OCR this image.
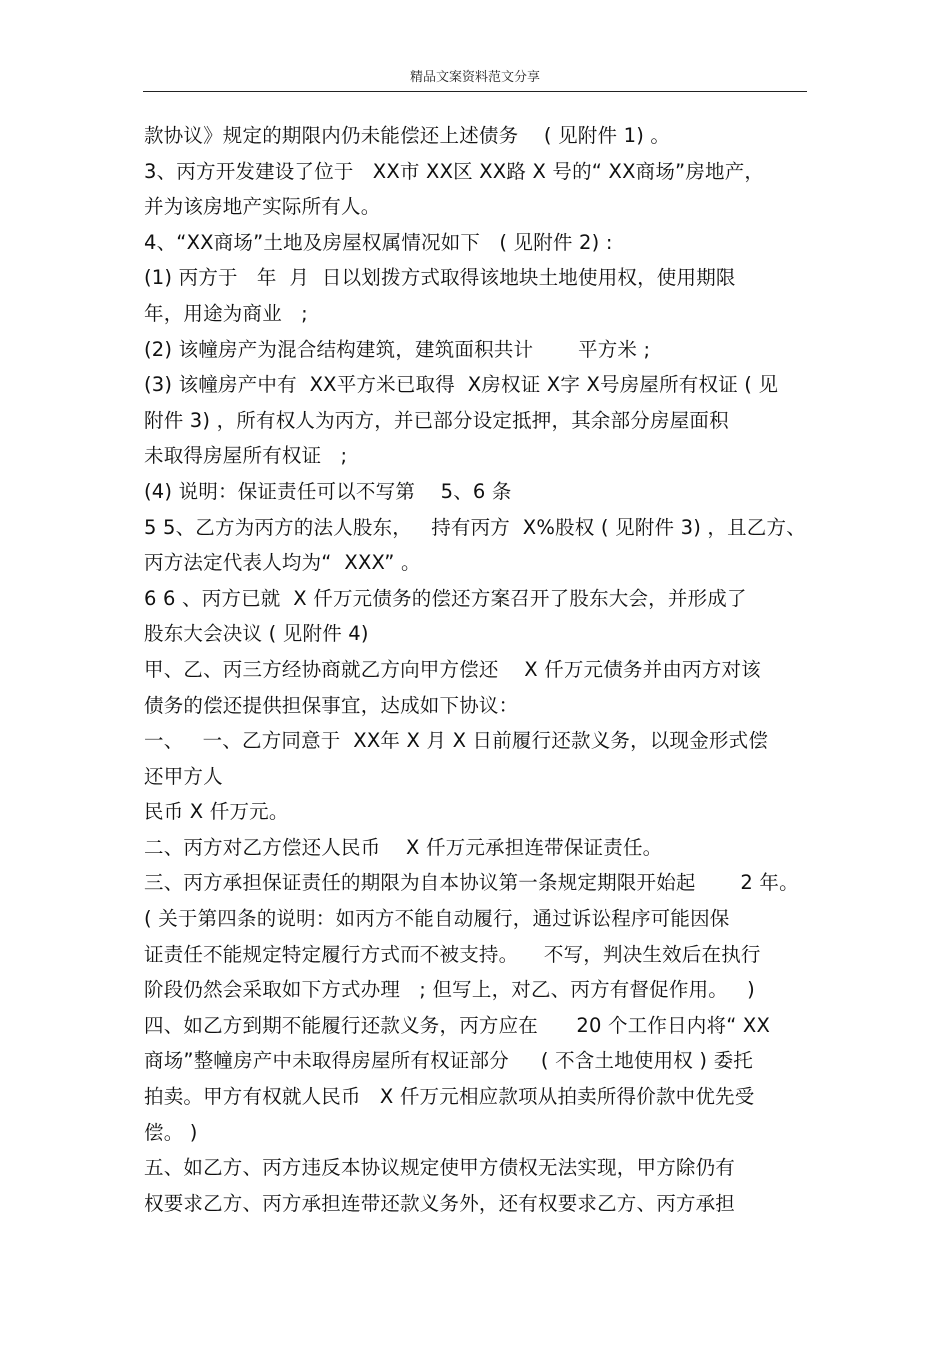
精品文案资料范文分享
款协议》规定的期限内仍未能偿还上述债务    ( 见附件 1) 。
3、丙方开发建设了位于   XX市 XX区 XX路 X 号的“ XX商场”房地产，
并为该房地产实际所有人。
4、“XX商场”土地及房屋权属情况如下   ( 见附件 2) :
(1) 丙方于   年  月  日以划拨方式取得该地块土地使用权，使用期限
年，用途为商业   ;
(2) 该幢房产为混合结构建筑，建筑面积共计       平方米 ;
(3) 该幢房产中有  XX平方米已取得  X房权证 X字 X号房屋所有权证 ( 见
附件 3) ，所有权人为丙方，并已部分设定抵押，其余部分房屋面积
未取得房屋所有权证   ;
(4) 说明：保证责任可以不写第    5、6 条
5 5、乙方为丙方的法人股东，   持有丙方  X%股权 ( 见附件 3) ，且乙方、
丙方法定代表人均为“  XXX” 。
6 6 、丙方已就  X 仟万元债务的偿还方案召开了股东大会，并形成了
股东大会决议 ( 见附件 4)
甲、乙、丙三方经协商就乙方向甲方偿还    X 仟万元债务并由丙方对该
债务的偿还提供担保事宜，达成如下协议：
一、   一、乙方同意于  XX年 X 月 X 日前履行还款义务，以现金形式偿
还甲方人
民币 X 仟万元。
二、丙方对乙方偿还人民币    X 仟万元承担连带保证责任。
三、丙方承担保证责任的期限为自本协议第一条规定期限开始起       2 年。
( 关于第四条的说明：如丙方不能自动履行，通过诉讼程序可能因保
证责任不能规定特定履行方式而不被支持。    不写，判决生效后在执行
阶段仍然会采取如下方式办理   ; 但写上，对乙、丙方有督促作用。   )
四、如乙方到期不能履行还款义务，丙方应在      20 个工作日内将“ XX
商场”整幢房产中未取得房屋所有权证部分     ( 不含土地使用权 ) 委托
拍卖。甲方有权就人民币   X 仟万元相应款项从拍卖所得价款中优先受
偿。 )
五、如乙方、丙方违反本协议规定使甲方债权无法实现，甲方除仍有
权要求乙方、丙方承担连带还款义务外，还有权要求乙方、丙方承担
